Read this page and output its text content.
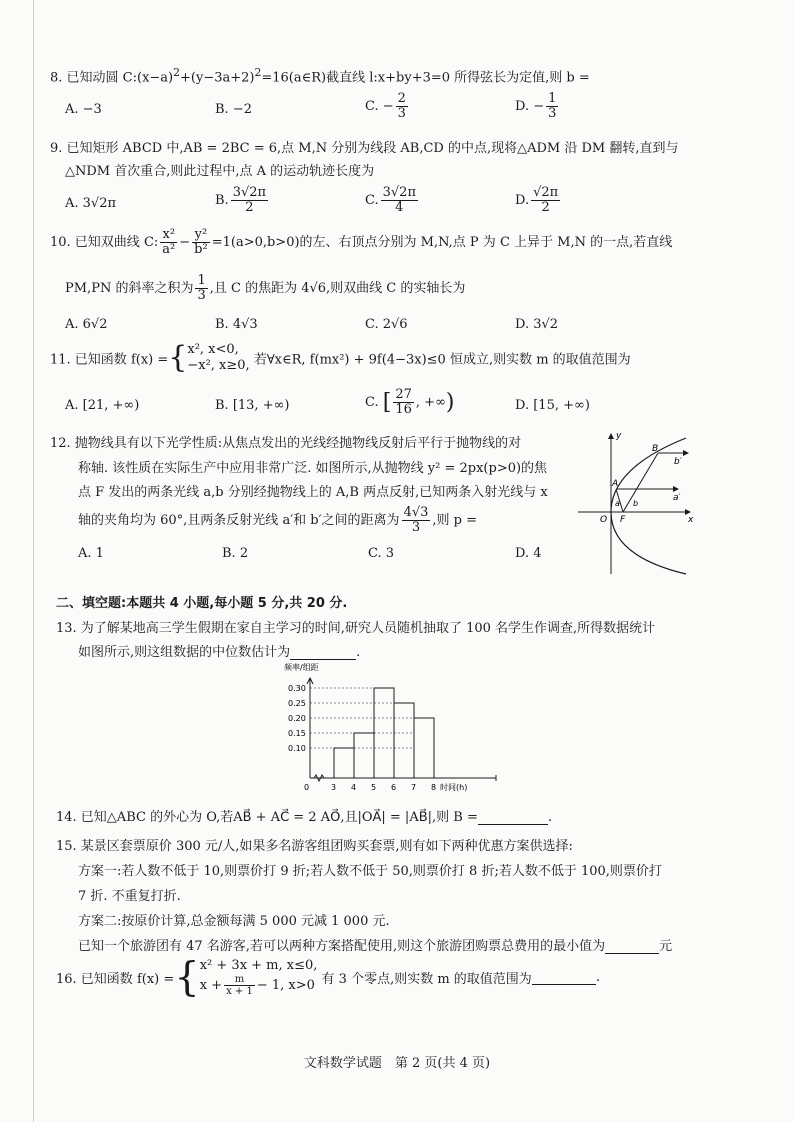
8. 已知动圆 $C:(x-a)^2+(y-3a+2)^2=16(a\in R)$截直线 l:x+by+3=0 所得弦长为定值,则 b =
A. −3	B. −2	C. − $\frac{2}{3}$	D. − $\frac{1}{3}$
9. 已知矩形 ABCD 中,AB = 2BC = 6,点 M,N 分别为线段 AB,CD 的中点,现将△ADM 沿 DM 翻转,直到与
△NDM 首次重合,则此过程中,点 A 的运动轨迹长度为
A. 3√2π	B. $\frac{3√2\pi}{2}$	C. $\frac{3√2\pi}{4}$	D. $\frac{√2\pi}{2}$
10. 已知双曲线 C: $\frac{\text{x²}}{\text{a²}} - \frac{\text{y²}}{\text{b²}} =1(a>0,b>0)$的左、右顶点分别为 M,N,点 P 为 C 上异于 M,N 的一点,若直线
PM,PN 的斜率之积为 $\frac{1}{3}$ ,且 C 的焦距为 4√6,则双曲线 C 的实轴长为
A. 6√2	B. 4√3	C. 2√6	D. 3√2
11. 已知函数 f(x) ={x², x<0,
−x², x≥0, 若∀x∈R, f(mx²) + 9f(4−3x)≤0 恒成立,则实数 m 的取值范围为
A. [21, +∞)	B. [13, +∞)	C. [ $\frac{27}{16}$ , +∞)	D. [15, +∞)
12. 抛物线具有以下光学性质:从焦点发出的光线经抛物线反射后平行于抛物线的对
称轴. 该性质在实际生产中应用非常广泛. 如图所示,从抛物线 y² = 2px(p>0)的焦
点 F 发出的两条光线 a,b 分别经抛物线上的 A,B 两点反射,已知两条入射光线与 x
轴的夹角均为 60°,且两条反射光线 a′和 b′之间的距离为 $\frac{4√3}{3}$ ,则 p =
A. 1	B. 2	C. 3	D. 4
y
B
b′
A
a′
a b
O F	x
二、填空题:本题共 4 小题,每小题 5 分,共 20 分.
13. 为了解某地高三学生假期在家自主学习的时间,研究人员随机抽取了 100 名学生作调查,所得数据统计
如图所示,则这组数据的中位数估计为	.
频率/组距
0.30
0.25
0.20
0.15
0.10
0	3 4 5 6 7 8 时间(h)
14. 已知△ABC 的外心为 O,若AB⃗ + AC⃗ = 2 AO⃗,且|OA⃗| = |AB⃗|,则 B =	.
15. 某景区套票原价 300 元/人,如果多名游客组团购买套票,则有如下两种优惠方案供选择:
方案一:若人数不低于 10,则票价打 9 折;若人数不低于 50,则票价打 8 折;若人数不低于 100,则票价打
7 折. 不重复打折.
方案二:按原价计算,总金额每满 5 000 元减 1 000 元.
已知一个旅游团有 47 名游客,若可以两种方案搭配使用,则这个旅游团购票总费用的最小值为	元
16. 已知函数 f(x) ={x² + 3x + m, x≤0,
$x + \frac{m}{x + 1} - 1$, x>0 有 3 个零点,则实数 m 的取值范围为	.
文科数学试题　第 2 页(共 4 页)
